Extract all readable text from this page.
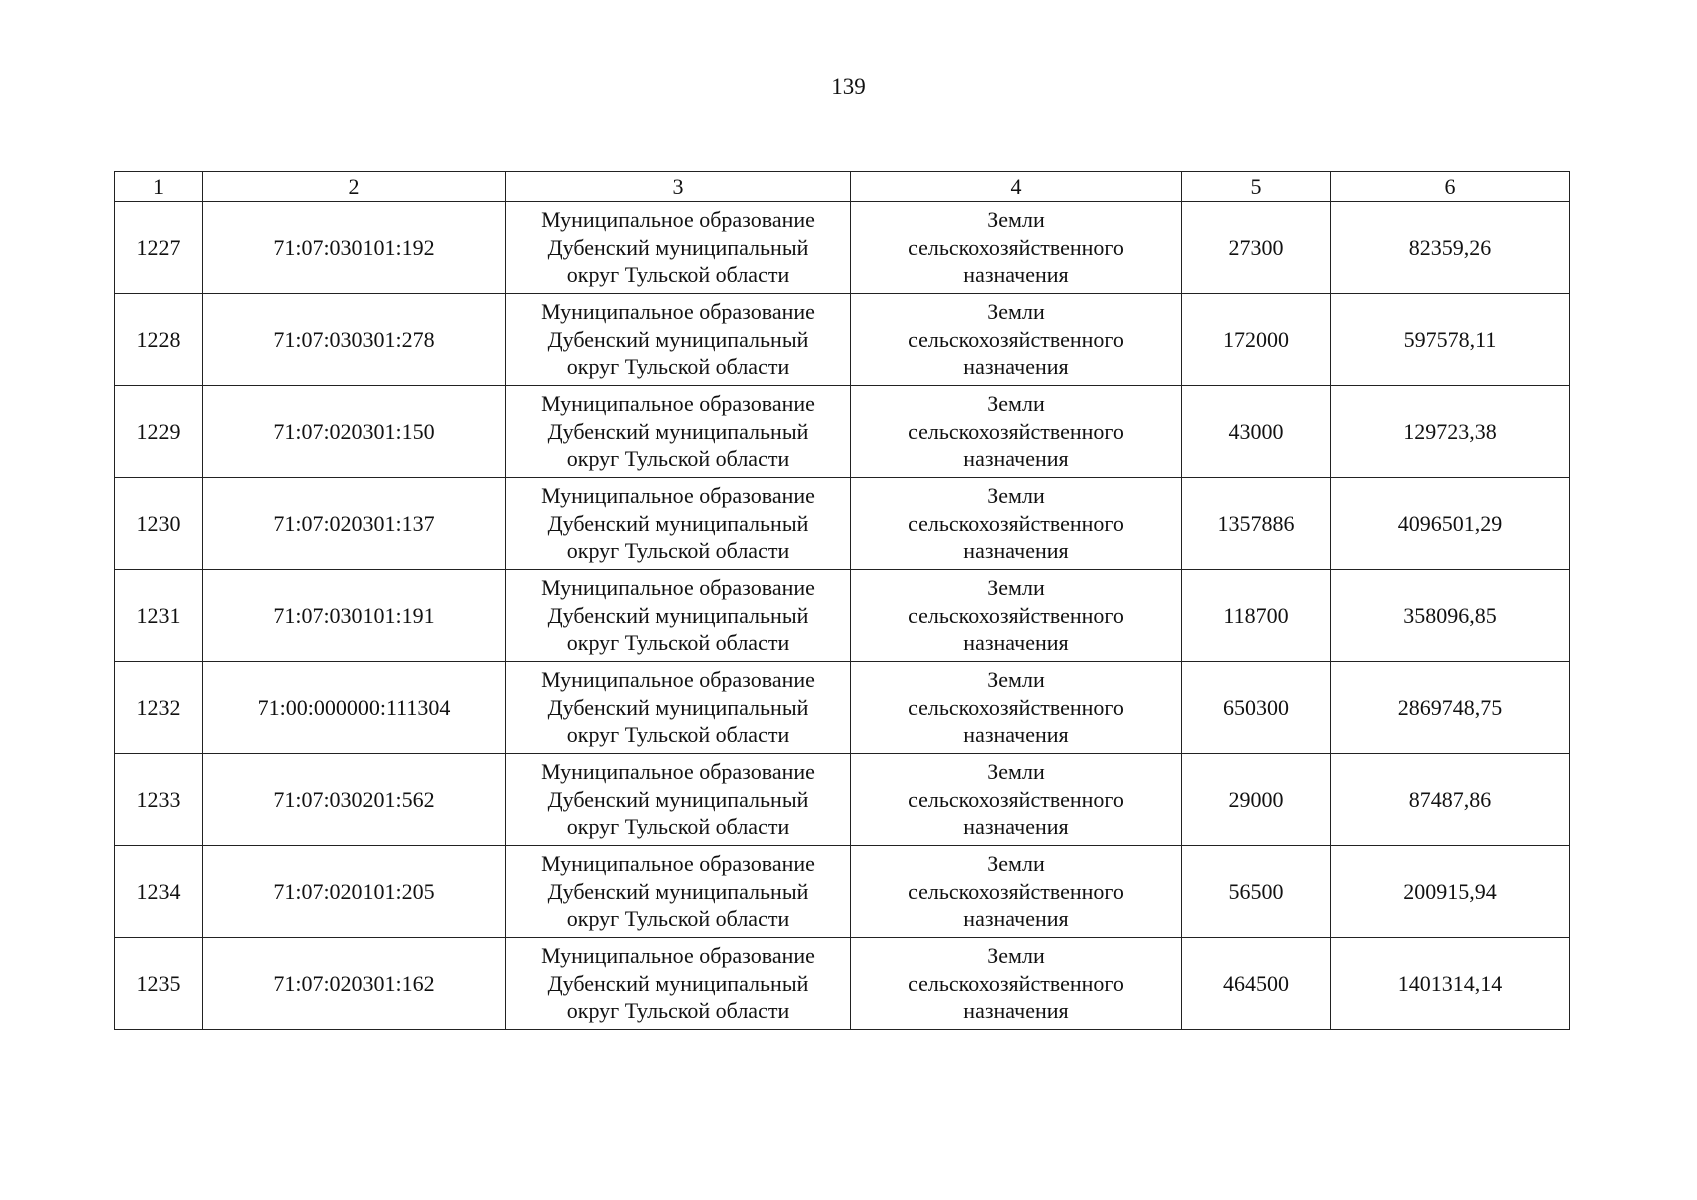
139
1	2	3	4	5	6
1227	71:07:030101:192	Муниципальное образование
Дубенский муниципальный
округ Тульской области	Земли
сельскохозяйственного
назначения	27300	82359,26
1228	71:07:030301:278	Муниципальное образование
Дубенский муниципальный
округ Тульской области	Земли
сельскохозяйственного
назначения	172000	597578,11
1229	71:07:020301:150	Муниципальное образование
Дубенский муниципальный
округ Тульской области	Земли
сельскохозяйственного
назначения	43000	129723,38
1230	71:07:020301:137	Муниципальное образование
Дубенский муниципальный
округ Тульской области	Земли
сельскохозяйственного
назначения	1357886	4096501,29
1231	71:07:030101:191	Муниципальное образование
Дубенский муниципальный
округ Тульской области	Земли
сельскохозяйственного
назначения	118700	358096,85
1232	71:00:000000:111304	Муниципальное образование
Дубенский муниципальный
округ Тульской области	Земли
сельскохозяйственного
назначения	650300	2869748,75
1233	71:07:030201:562	Муниципальное образование
Дубенский муниципальный
округ Тульской области	Земли
сельскохозяйственного
назначения	29000	87487,86
1234	71:07:020101:205	Муниципальное образование
Дубенский муниципальный
округ Тульской области	Земли
сельскохозяйственного
назначения	56500	200915,94
1235	71:07:020301:162	Муниципальное образование
Дубенский муниципальный
округ Тульской области	Земли
сельскохозяйственного
назначения	464500	1401314,14
